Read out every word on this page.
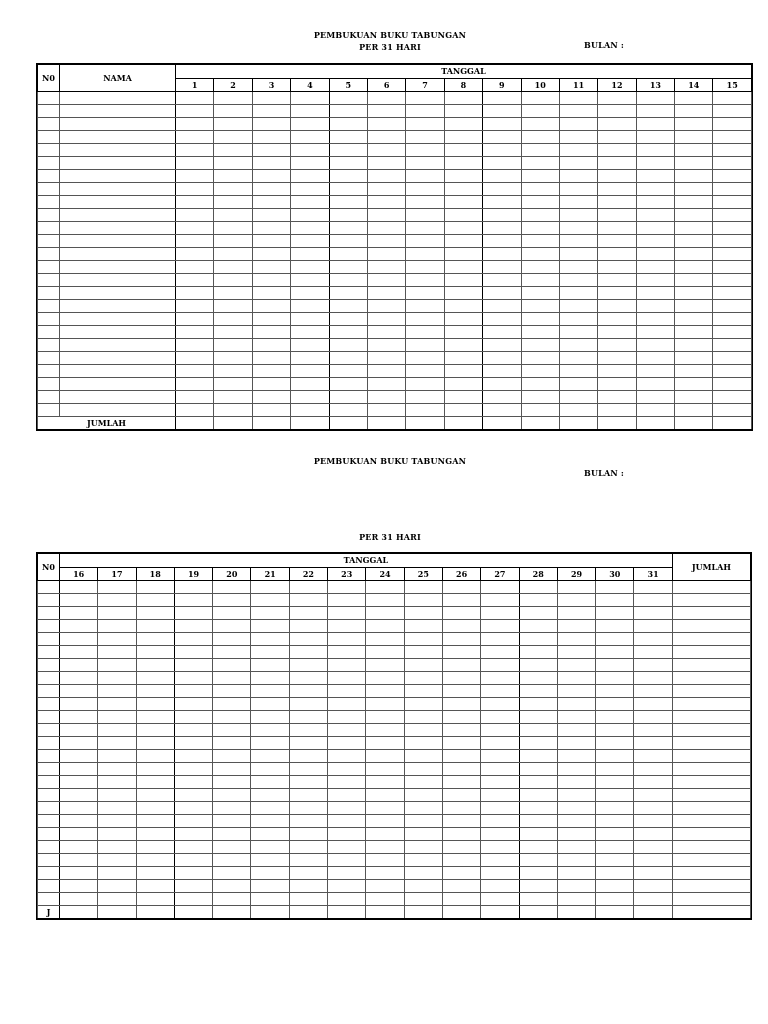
PEMBUKUAN BUKU TABUNGAN
PER 31 HARI	BULAN :
N0	NAMA	TANGGAL														
		1	2	3	4	5	6	7	8	9	10	11	12	13	14	15

JUMLAH																
PEMBUKUAN BUKU TABUNGAN
BULAN :
PER 31 HARI
N0	TANGGAL																JUMLAH
	16	17	18	19	20	21	22	23	24	25	26	27	28	29	30	31	

J																	
